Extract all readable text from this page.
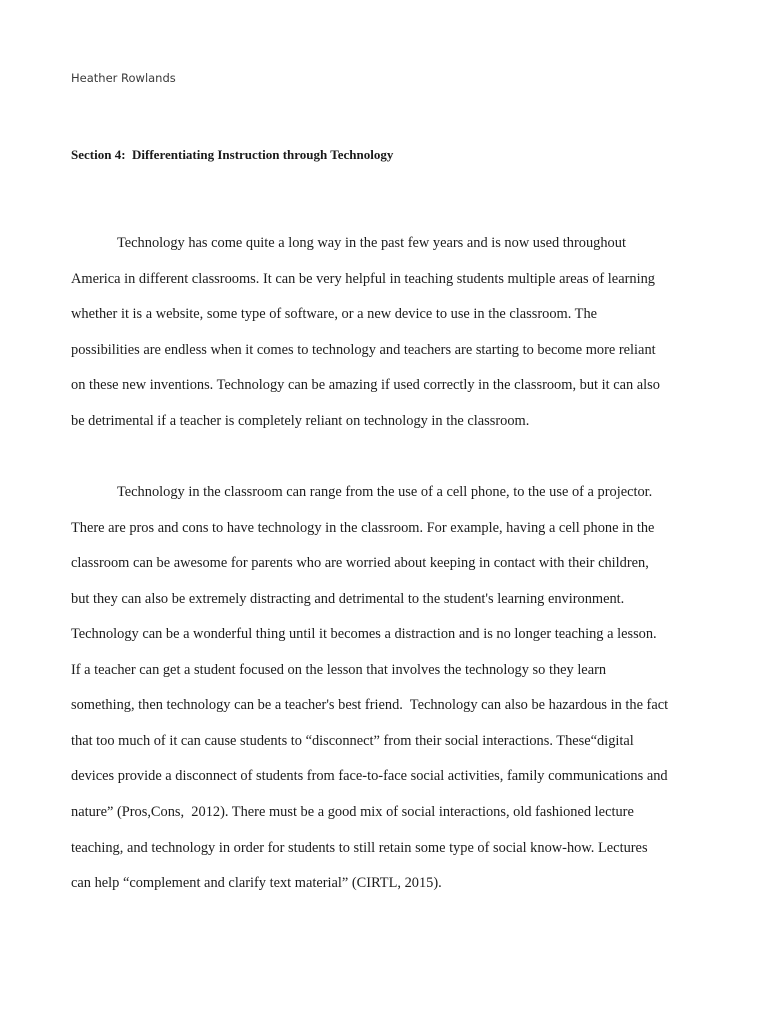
Heather Rowlands
Section 4:  Differentiating Instruction through Technology
Technology has come quite a long way in the past few years and is now used throughout
America in different classrooms. It can be very helpful in teaching students multiple areas of learning
whether it is a website, some type of software, or a new device to use in the classroom. The
possibilities are endless when it comes to technology and teachers are starting to become more reliant
on these new inventions. Technology can be amazing if used correctly in the classroom, but it can also
be detrimental if a teacher is completely reliant on technology in the classroom.
Technology in the classroom can range from the use of a cell phone, to the use of a projector.
There are pros and cons to have technology in the classroom. For example, having a cell phone in the
classroom can be awesome for parents who are worried about keeping in contact with their children,
but they can also be extremely distracting and detrimental to the student's learning environment.
Technology can be a wonderful thing until it becomes a distraction and is no longer teaching a lesson.
If a teacher can get a student focused on the lesson that involves the technology so they learn
something, then technology can be a teacher's best friend.  Technology can also be hazardous in the fact
that too much of it can cause students to “disconnect” from their social interactions. These“digital
devices provide a disconnect of students from face-to-face social activities, family communications and
nature” (Pros,Cons,  2012). There must be a good mix of social interactions, old fashioned lecture
teaching, and technology in order for students to still retain some type of social know-how. Lectures
can help “complement and clarify text material” (CIRTL, 2015).
